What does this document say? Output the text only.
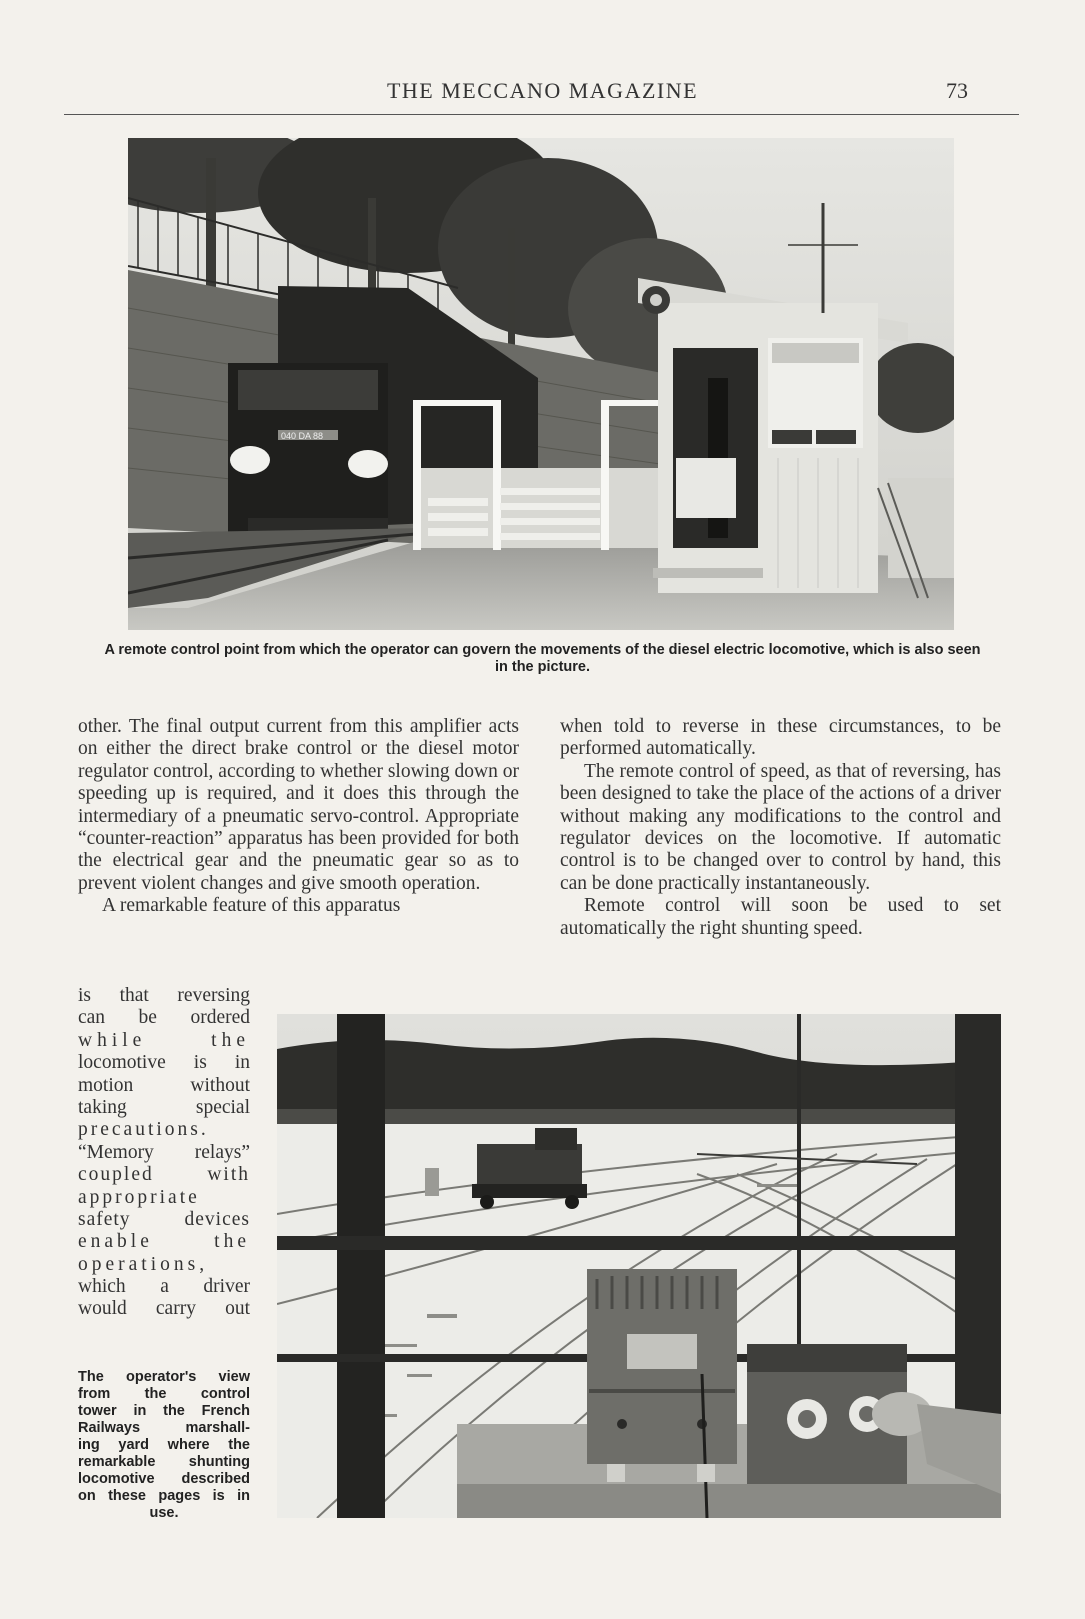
THE MECCANO MAGAZINE	73
040 DA 88
A remote control point from which the operator can govern the movements of the diesel electric locomotive, which is also seen in the picture.

other. The final output current from this amplifier acts on either the direct brake control or the diesel motor regulator control, according to whether slowing down or speeding up is required, and it does this through the intermediary of a pneumatic servo-control. Appropriate “counter-reaction” apparatus has been provided for both the electrical gear and the pneumatic gear so as to prevent violent changes and give smooth operation.

A remarkable feature of this apparatus

when told to reverse in these circumstances, to be performed automatically.

The remote control of speed, as that of reversing, has been designed to take the place of the actions of a driver without making any modifications to the control and regulator devices on the locomotive. If automatic control is to be changed over to control by hand, this can be done practically instantaneously.

Remote control will soon be used to set automatically the right shunting speed.

is that reversing
can be ordered
while the
locomotive is in
motion without
taking special
precautions.
“Memory relays”
coupled with
appropriate
safety devices
enable the
operations,
which a driver
would carry out
The operator's view
from the control
tower in the French
Railways marshall-
ing yard where the
remarkable shunting
locomotive described
on these pages is in
use.
